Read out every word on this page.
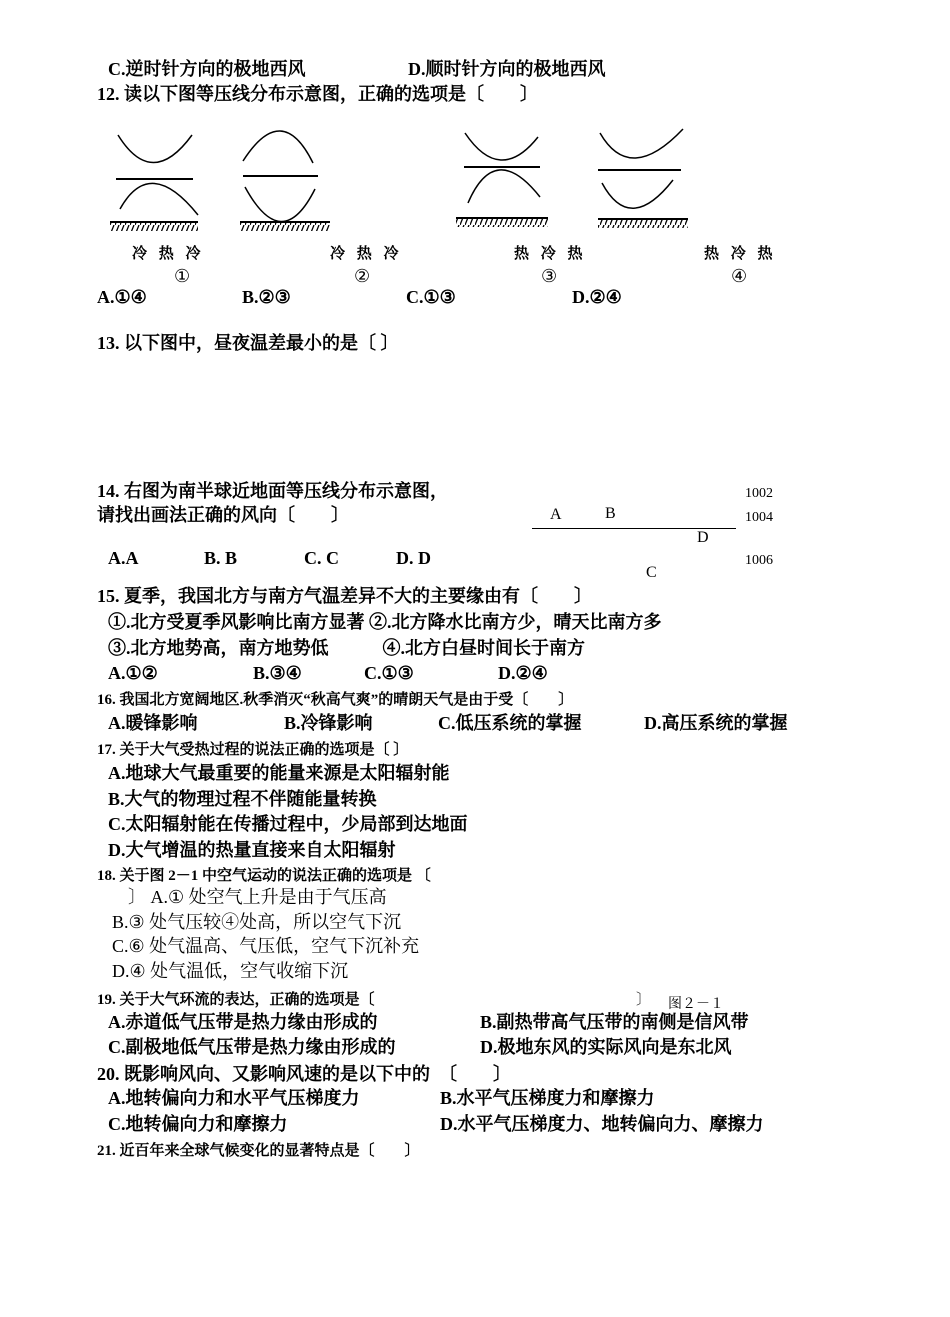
C.逆时针方向的极地西风	D.顺时针方向的极地西风
12. 读以下图等压线分布示意图，正确的选项是〔　　〕
冷 热 冷
①
冷 热 冷
②
热 冷 热
③
热 冷 热
④
A.①④	B.②③	C.①③	D.②④
13. 以下图中，昼夜温差最小的是〔 〕
14. 右图为南半球近地面等压线分布示意图，
请找出画法正确的风向〔　　〕
1002
1004
1006
A	B
C
D
A.A	B. B	C. C	D. D
15. 夏季，我国北方与南方气温差异不大的主要缘由有〔　　〕
①.北方受夏季风影响比南方显著 ②.北方降水比南方少，晴天比南方多
③.北方地势高，南方地势低　　　④.北方白昼时间长于南方
A.①②	B.③④	C.①③	D.②④
16. 我国北方宽阔地区.秋季消灭“秋高气爽”的晴朗天气是由于受〔　　〕
A.暖锋影响	B.冷锋影响	C.低压系统的掌握	D.高压系统的掌握
17. 关于大气受热过程的说法正确的选项是〔 〕
A.地球大气最重要的能量来源是太阳辐射能
B.大气的物理过程不伴随能量转换
C.太阳辐射能在传播过程中，少局部到达地面
D.大气增温的热量直接来自太阳辐射
18. 关于图 2－1 中空气运动的说法正确的选项是 〔
〕 A.① 处空气上升是由于气压高
B.③ 处气压较④处高，所以空气下沉
C.⑥ 处气温高、气压低，空气下沉补充
D.④ 处气温低，空气收缩下沉
19. 关于大气环流的表达，正确的选项是〔	〕 图２－１
A.赤道低气压带是热力缘由形成的	B.副热带高气压带的南侧是信风带
C.副极地低气压带是热力缘由形成的	D.极地东风的实际风向是东北风
20. 既影响风向、又影响风速的是以下中的　〔　　〕
A.地转偏向力和水平气压梯度力	B.水平气压梯度力和摩擦力
C.地转偏向力和摩擦力	D.水平气压梯度力、地转偏向力、摩擦力
21. 近百年来全球气候变化的显著特点是〔　　〕
